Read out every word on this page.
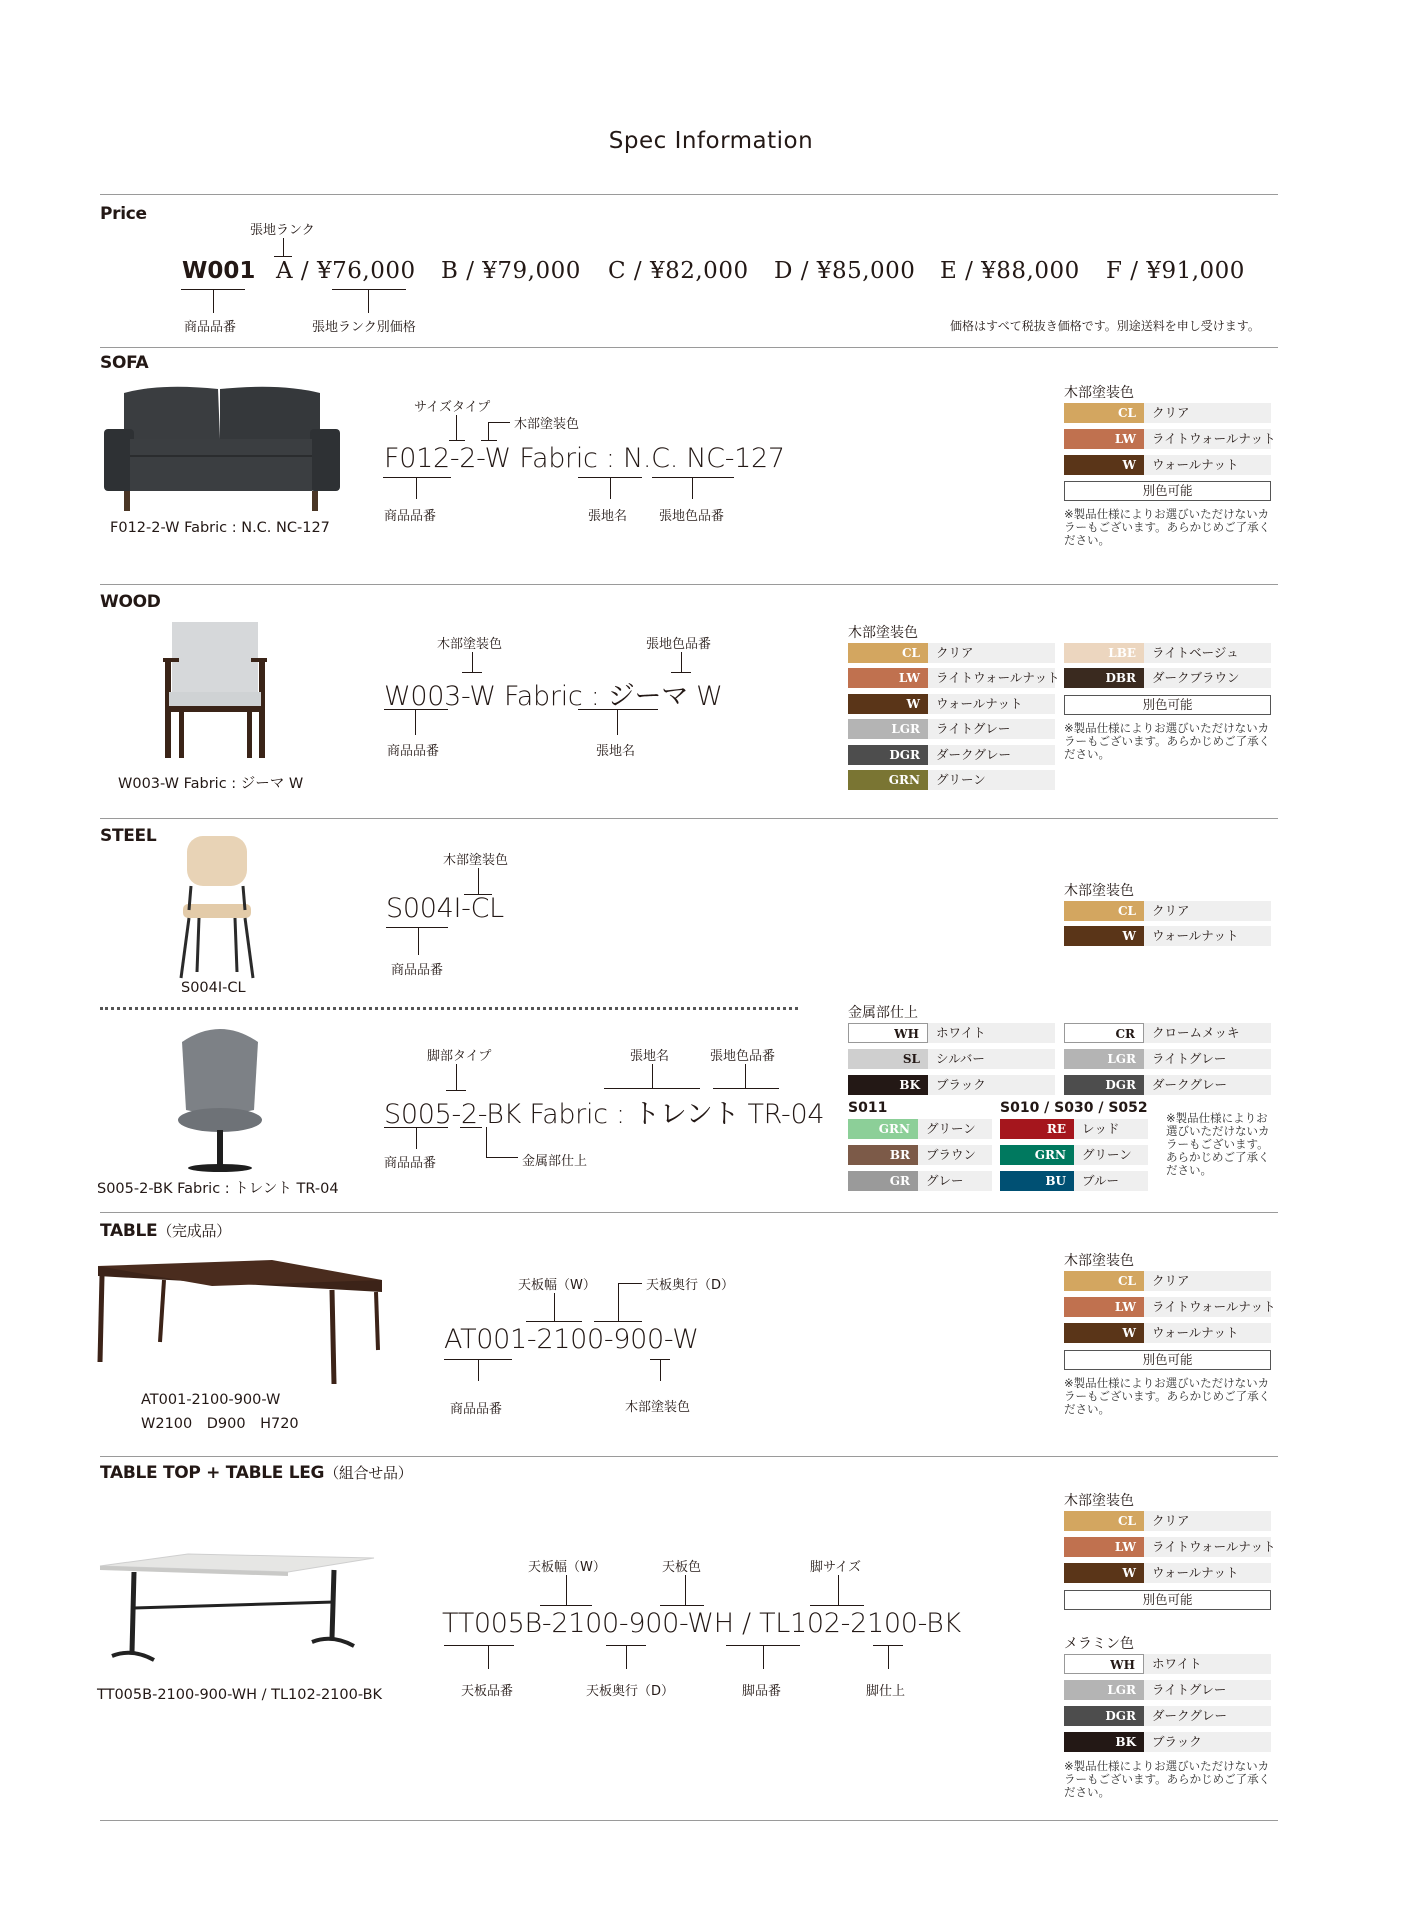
Spec Information
Price
張地ランク
W001 A / ¥76,000 B / ¥79,000 C / ¥82,000 D / ¥85,000 E / ¥88,000 F / ¥91,000
商品品番	張地ランク別価格	価格はすべて税抜き価格です。別途送料を申し受けます。
SOFA
F012-2-W Fabric : N.C. NC-127
サイズタイプ
木部塗装色
F012-2-W Fabric : N.C. NC-127
商品品番	張地名 張地色品番
木部塗装色
CL	クリア
LW	ライトウォールナット
W	ウォールナット
別色可能
※製品仕様によりお選びいただけないカラーもございます。あらかじめご了承ください。
WOOD
W003-W Fabric : ジーマ W
木部塗装色	張地色品番
W003-W Fabric : ジーマ W
商品品番	張地名
木部塗装色
CL	クリア
LW	ライトウォールナット
W	ウォールナット
LGR	ライトグレー
DGR	ダークグレー
GRN	グリーン
LBE	ライトベージュ
DBR	ダークブラウン
別色可能
※製品仕様によりお選びいただけないカラーもございます。あらかじめご了承ください。
STEEL
S004I-CL
木部塗装色
S004I-CL
商品品番
木部塗装色
CL	クリア
W	ウォールナット
S005-2-BK Fabric : トレント TR-04
脚部タイプ	張地名	張地色品番
S005-2-BK Fabric : トレント TR-04
商品品番	金属部仕上
金属部仕上
WH	ホワイト
SL	シルバー
BK	ブラック
CR	クロームメッキ
LGR	ライトグレー
DGR	ダークグレー
S011	S010 / S030 / S052
GRN	グリーン
BR	ブラウン
GR	グレー
RE	レッド
GRN	グリーン
BU	ブルー
※製品仕様によりお選びいただけないカラーもございます。あらかじめご了承ください。
TABLE（完成品）
AT001-2100-900-W
W2100　D900　H720
天板幅（W）	天板奥行（D）
AT001-2100-900-W
商品品番	木部塗装色
木部塗装色
CL	クリア
LW	ライトウォールナット
W	ウォールナット
別色可能
※製品仕様によりお選びいただけないカラーもございます。あらかじめご了承ください。
TABLE TOP + TABLE LEG（組合せ品）
TT005B-2100-900-WH / TL102-2100-BK
天板幅（W）	天板色	脚サイズ
TT005B-2100-900-WH / TL102-2100-BK
天板品番	天板奥行（D）	脚品番	脚仕上
木部塗装色
CL	クリア
LW	ライトウォールナット
W	ウォールナット
別色可能
メラミン色
WH	ホワイト
LGR	ライトグレー
DGR	ダークグレー
BK	ブラック
※製品仕様によりお選びいただけないカラーもございます。あらかじめご了承ください。
